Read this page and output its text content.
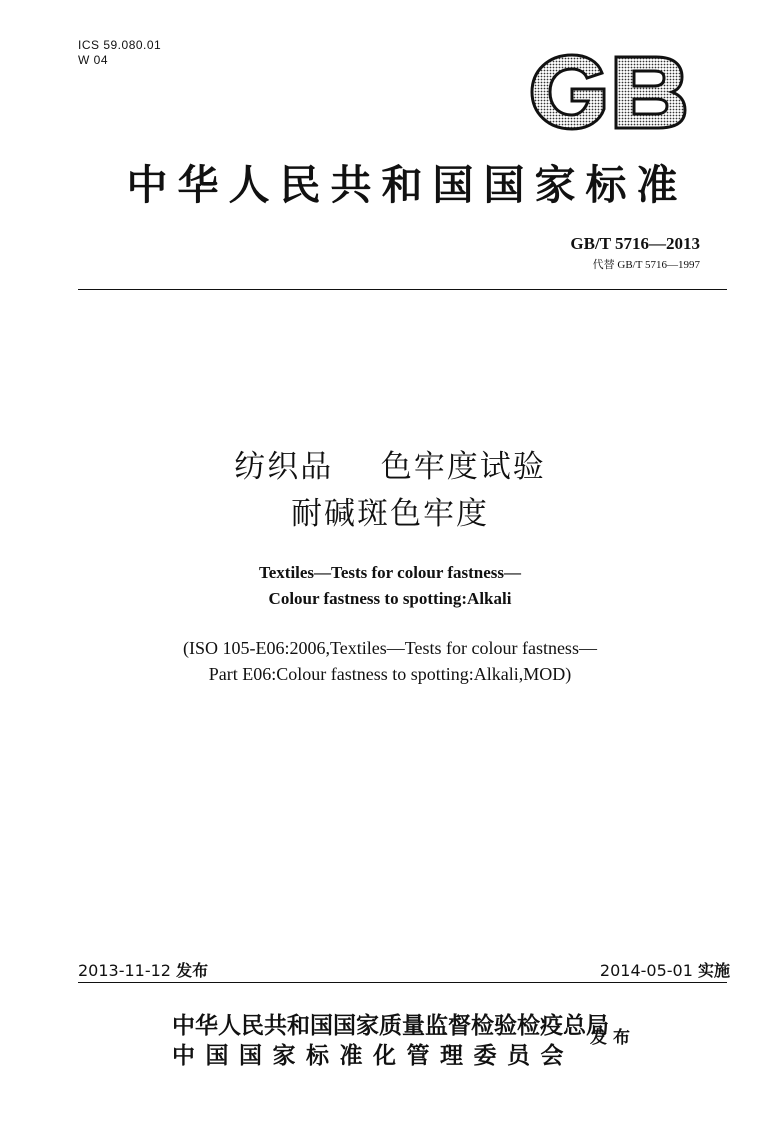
ICS 59.080.01
W 04
中华人民共和国国家标准
GB/T 5716—2013
代替 GB/T 5716—1997
纺织品    色牢度试验
耐碱斑色牢度
Textiles—Tests for colour fastness—
Colour fastness to spotting:Alkali
(ISO 105-E06:2006,Textiles—Tests for colour fastness—
Part E06:Colour fastness to spotting:Alkali,MOD)
2013-11-12 发布	2014-05-01 实施
中华人民共和国国家质量监督检验检疫总局
中国国家标准化管理委员会
发布
